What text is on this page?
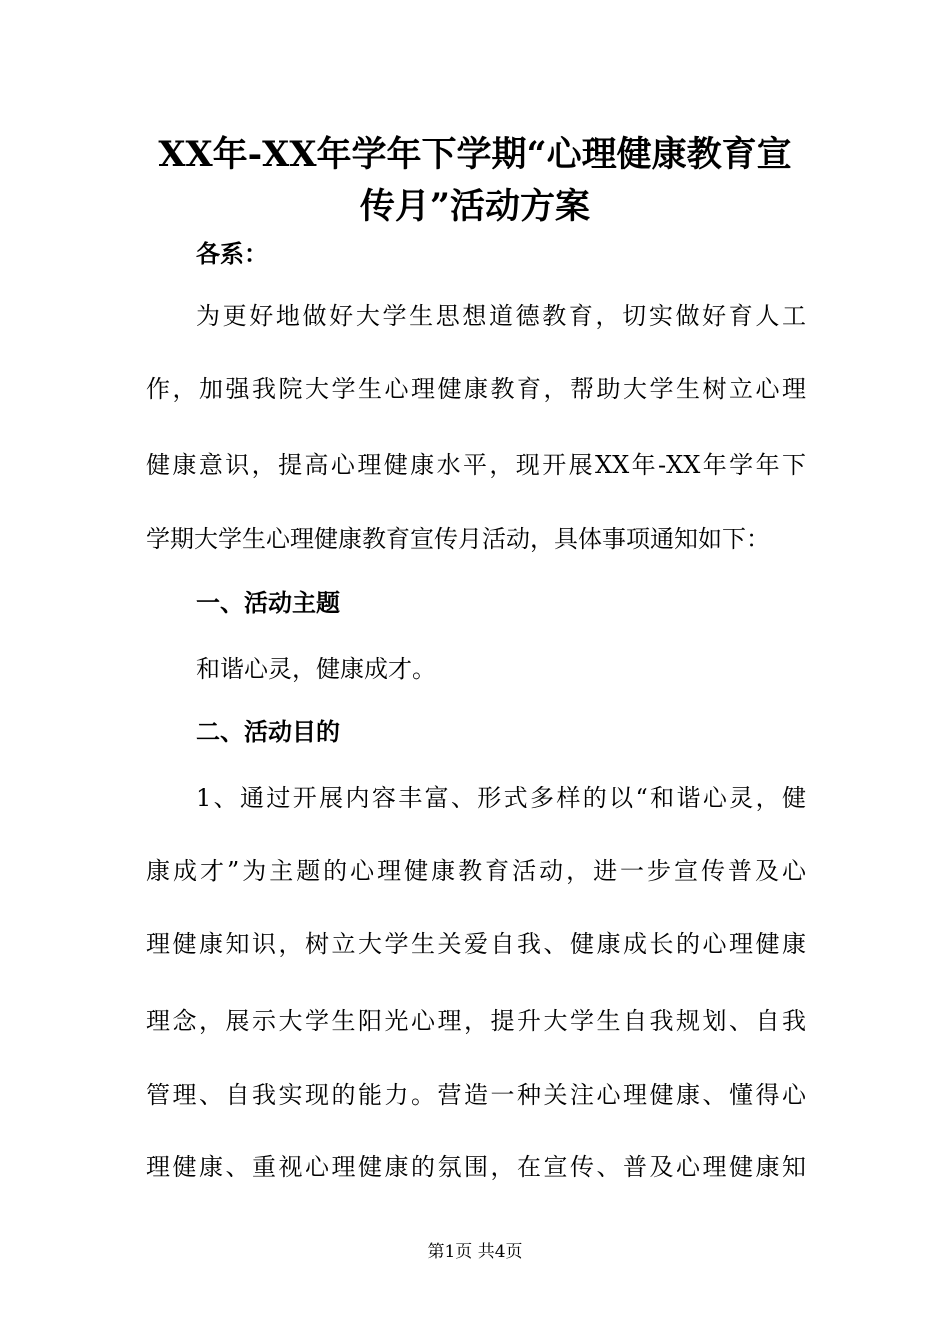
XX年-XX年学年下学期“心理健康教育宣
传月”活动方案

各系：

为更好地做好大学生思想道德教育，切实做好育人工

作，加强我院大学生心理健康教育，帮助大学生树立心理

健康意识，提高心理健康水平，现开展XX年-XX年学年下

学期大学生心理健康教育宣传月活动，具体事项通知如下：

一、活动主题

和谐心灵，健康成才。

二、活动目的

1、通过开展内容丰富、形式多样的以“和谐心灵，健

康成才”为主题的心理健康教育活动，进一步宣传普及心

理健康知识，树立大学生关爱自我、健康成长的心理健康

理念，展示大学生阳光心理，提升大学生自我规划、自我

管理、自我实现的能力。营造一种关注心理健康、懂得心

理健康、重视心理健康的氛围，在宣传、普及心理健康知

第1页 共4页
